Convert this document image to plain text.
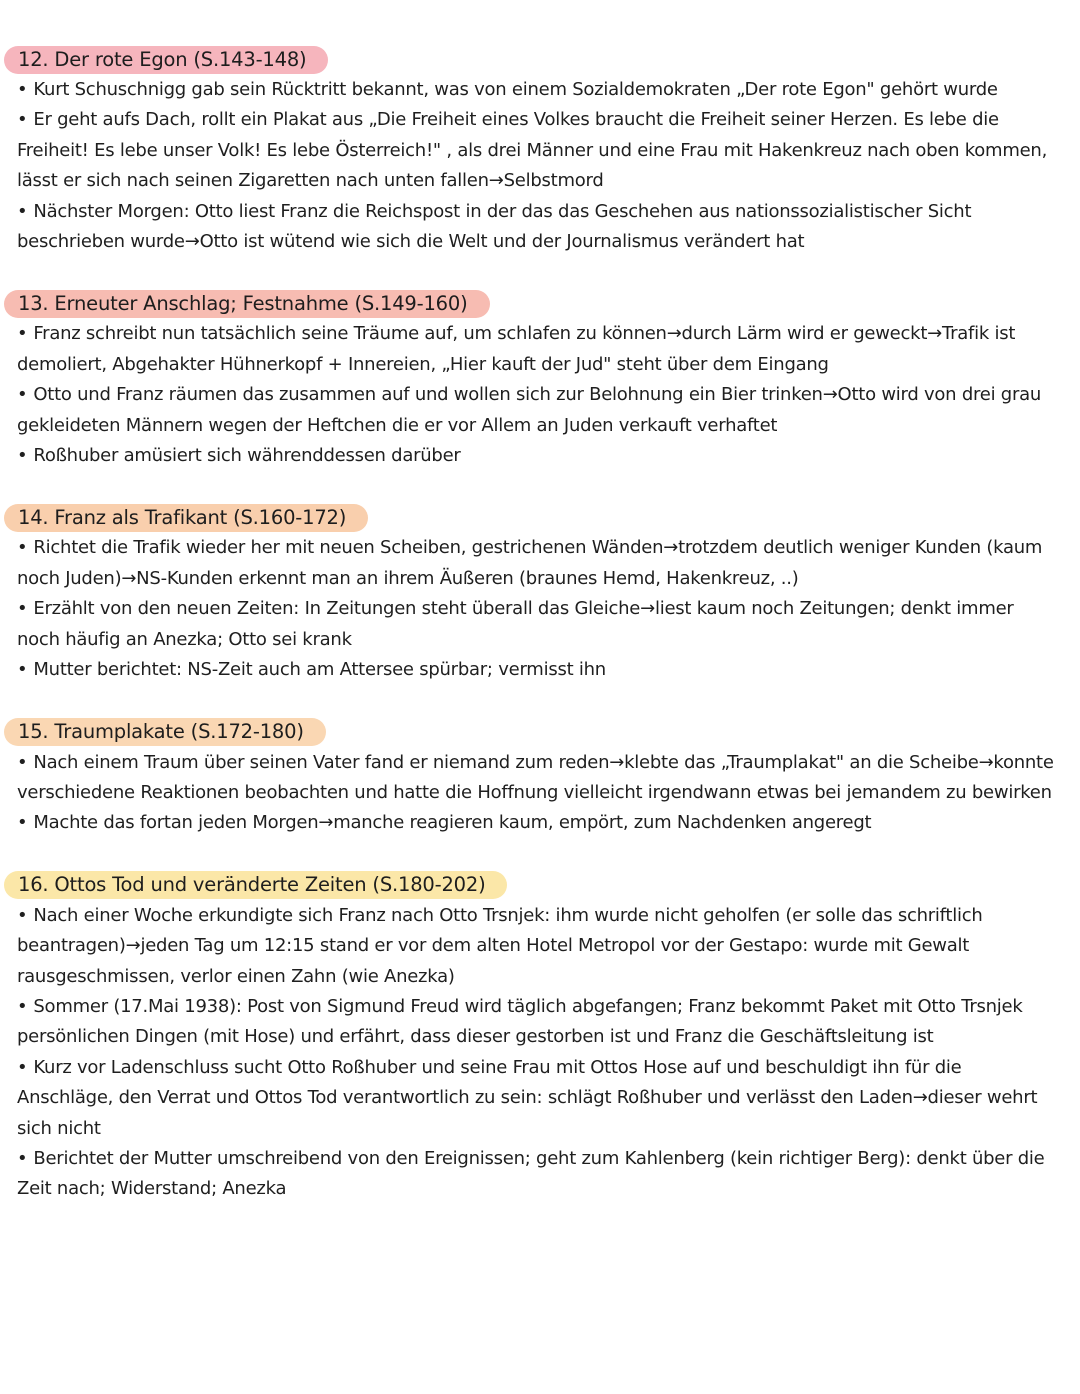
12. Der rote Egon (S.143-148)
• Kurt Schuschnigg gab sein Rücktritt bekannt, was von einem Sozialdemokraten „Der rote Egon" gehört wurde
• Er geht aufs Dach, rollt ein Plakat aus „Die Freiheit eines Volkes braucht die Freiheit seiner Herzen. Es lebe die Freiheit! Es lebe unser Volk! Es lebe Österreich!" , als drei Männer und eine Frau mit Hakenkreuz nach oben kommen, lässt er sich nach seinen Zigaretten nach unten fallen→Selbstmord
• Nächster Morgen: Otto liest Franz die Reichspost in der das das Geschehen aus nationssozialistischer Sicht beschrieben wurde→Otto ist wütend wie sich die Welt und der Journalismus verändert hat
13. Erneuter Anschlag; Festnahme (S.149-160)
• Franz schreibt nun tatsächlich seine Träume auf, um schlafen zu können→durch Lärm wird er geweckt→Trafik ist demoliert, Abgehakter Hühnerkopf + Innereien, „Hier kauft der Jud" steht über dem Eingang
• Otto und Franz räumen das zusammen auf und wollen sich zur Belohnung ein Bier trinken→Otto wird von drei grau gekleideten Männern wegen der Heftchen die er vor Allem an Juden verkauft verhaftet
• Roßhuber amüsiert sich währenddessen darüber
14. Franz als Trafikant (S.160-172)
• Richtet die Trafik wieder her mit neuen Scheiben, gestrichenen Wänden→trotzdem deutlich weniger Kunden (kaum noch Juden)→NS-Kunden erkennt man an ihrem Äußeren (braunes Hemd, Hakenkreuz, ..)
• Erzählt von den neuen Zeiten: In Zeitungen steht überall das Gleiche→liest kaum noch Zeitungen; denkt immer noch häufig an Anezka; Otto sei krank
• Mutter berichtet: NS-Zeit auch am Attersee spürbar; vermisst ihn
15. Traumplakate (S.172-180)
• Nach einem Traum über seinen Vater fand er niemand zum reden→klebte das „Traumplakat" an die Scheibe→konnte verschiedene Reaktionen beobachten und hatte die Hoffnung vielleicht irgendwann etwas bei jemandem zu bewirken
• Machte das fortan jeden Morgen→manche reagieren kaum, empört, zum Nachdenken angeregt
16. Ottos Tod und veränderte Zeiten (S.180-202)
• Nach einer Woche erkundigte sich Franz nach Otto Trsnjek: ihm wurde nicht geholfen (er solle das schriftlich beantragen)→jeden Tag um 12:15 stand er vor dem alten Hotel Metropol vor der Gestapo: wurde mit Gewalt rausgeschmissen, verlor einen Zahn (wie Anezka)
• Sommer (17.Mai 1938): Post von Sigmund Freud wird täglich abgefangen; Franz bekommt Paket mit Otto Trsnjek persönlichen Dingen (mit Hose) und erfährt, dass dieser gestorben ist und Franz die Geschäftsleitung ist
• Kurz vor Ladenschluss sucht Otto Roßhuber und seine Frau mit Ottos Hose auf und beschuldigt ihn für die Anschläge, den Verrat und Ottos Tod verantwortlich zu sein: schlägt Roßhuber und verlässt den Laden→dieser wehrt sich nicht
• Berichtet der Mutter umschreibend von den Ereignissen; geht zum Kahlenberg (kein richtiger Berg): denkt über die Zeit nach; Widerstand; Anezka
